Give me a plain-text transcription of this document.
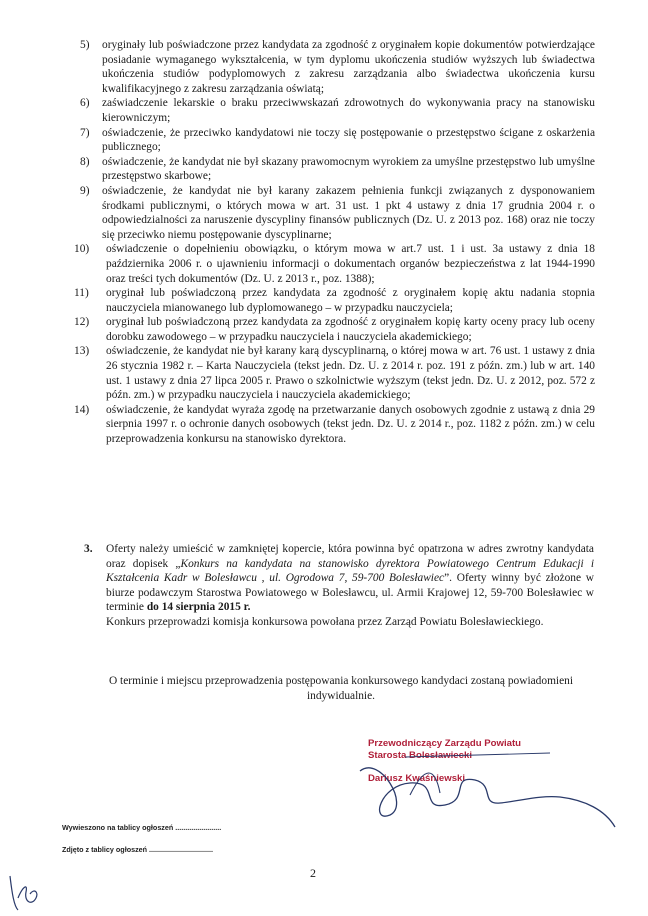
5) oryginały lub poświadczone przez kandydata za zgodność z oryginałem kopie dokumentów potwierdzające posiadanie wymaganego wykształcenia, w tym dyplomu ukończenia studiów wyższych lub świadectwa ukończenia studiów podyplomowych z zakresu zarządzania albo świadectwa ukończenia kursu kwalifikacyjnego z zakresu zarządzania oświatą;
6) zaświadczenie lekarskie o braku przeciwwskazań zdrowotnych do wykonywania pracy na stanowisku kierowniczym;
7) oświadczenie, że przeciwko kandydatowi nie toczy się postępowanie o przestępstwo ścigane z oskarżenia publicznego;
8) oświadczenie, że kandydat nie był skazany prawomocnym wyrokiem za umyślne przestępstwo lub umyślne przestępstwo skarbowe;
9) oświadczenie, że kandydat nie był karany zakazem pełnienia funkcji związanych z dysponowaniem środkami publicznymi, o których mowa w art. 31 ust. 1 pkt 4 ustawy z dnia 17 grudnia 2004 r. o odpowiedzialności za naruszenie dyscypliny finansów publicznych (Dz. U. z 2013 poz. 168) oraz nie toczy się przeciwko niemu postępowanie dyscyplinarne;
10) oświadczenie o dopełnieniu obowiązku, o którym mowa w art.7 ust. 1 i ust. 3a ustawy z dnia 18 października 2006 r. o ujawnieniu informacji o dokumentach organów bezpieczeństwa z lat 1944-1990 oraz treści tych dokumentów (Dz. U. z 2013 r., poz. 1388);
11) oryginał lub poświadczoną przez kandydata za zgodność z oryginałem kopię aktu nadania stopnia nauczyciela mianowanego lub dyplomowanego – w przypadku nauczyciela;
12) oryginał lub poświadczoną przez kandydata za zgodność z oryginałem kopię karty oceny pracy lub oceny dorobku zawodowego – w przypadku nauczyciela i nauczyciela akademickiego;
13) oświadczenie, że kandydat nie był karany karą dyscyplinarną, o której mowa w art. 76 ust. 1 ustawy z dnia 26 stycznia 1982 r. – Karta Nauczyciela (tekst jedn. Dz. U. z 2014 r. poz. 191 z późn. zm.) lub w art. 140 ust. 1 ustawy z dnia 27 lipca 2005 r. Prawo o szkolnictwie wyższym (tekst jedn. Dz. U. z 2012, poz. 572 z późn. zm.) w przypadku nauczyciela i nauczyciela akademickiego;
14) oświadczenie, że kandydat wyraża zgodę na przetwarzanie danych osobowych zgodnie z ustawą z dnia 29 sierpnia 1997 r. o ochronie danych osobowych (tekst jedn. Dz. U. z 2014 r., poz. 1182 z późn. zm.) w celu przeprowadzenia konkursu na stanowisko dyrektora.
3. Oferty należy umieścić w zamkniętej kopercie, która powinna być opatrzona w adres zwrotny kandydata oraz dopisek „Konkurs na kandydata na stanowisko dyrektora Powiatowego Centrum Edukacji i Kształcenia Kadr w Bolesławcu , ul. Ogrodowa 7, 59-700 Bolesławiec”. Oferty winny być złożone w biurze podawczym Starostwa Powiatowego w Bolesławcu, ul. Armii Krajowej 12, 59-700 Bolesławiec w terminie do 14 sierpnia 2015 r.
Konkurs przeprowadzi komisja konkursowa powołana przez Zarząd Powiatu Bolesławieckiego.
O terminie i miejscu przeprowadzenia postępowania konkursowego kandydaci zostaną powiadomieni indywidualnie.
Przewodniczący Zarządu Powiatu
Starosta Bolesławiecki
Dariusz Kwaśniewski
Wywieszono na tablicy ogłoszeń .......................
Zdjęto z tablicy ogłoszeń ................................
2
